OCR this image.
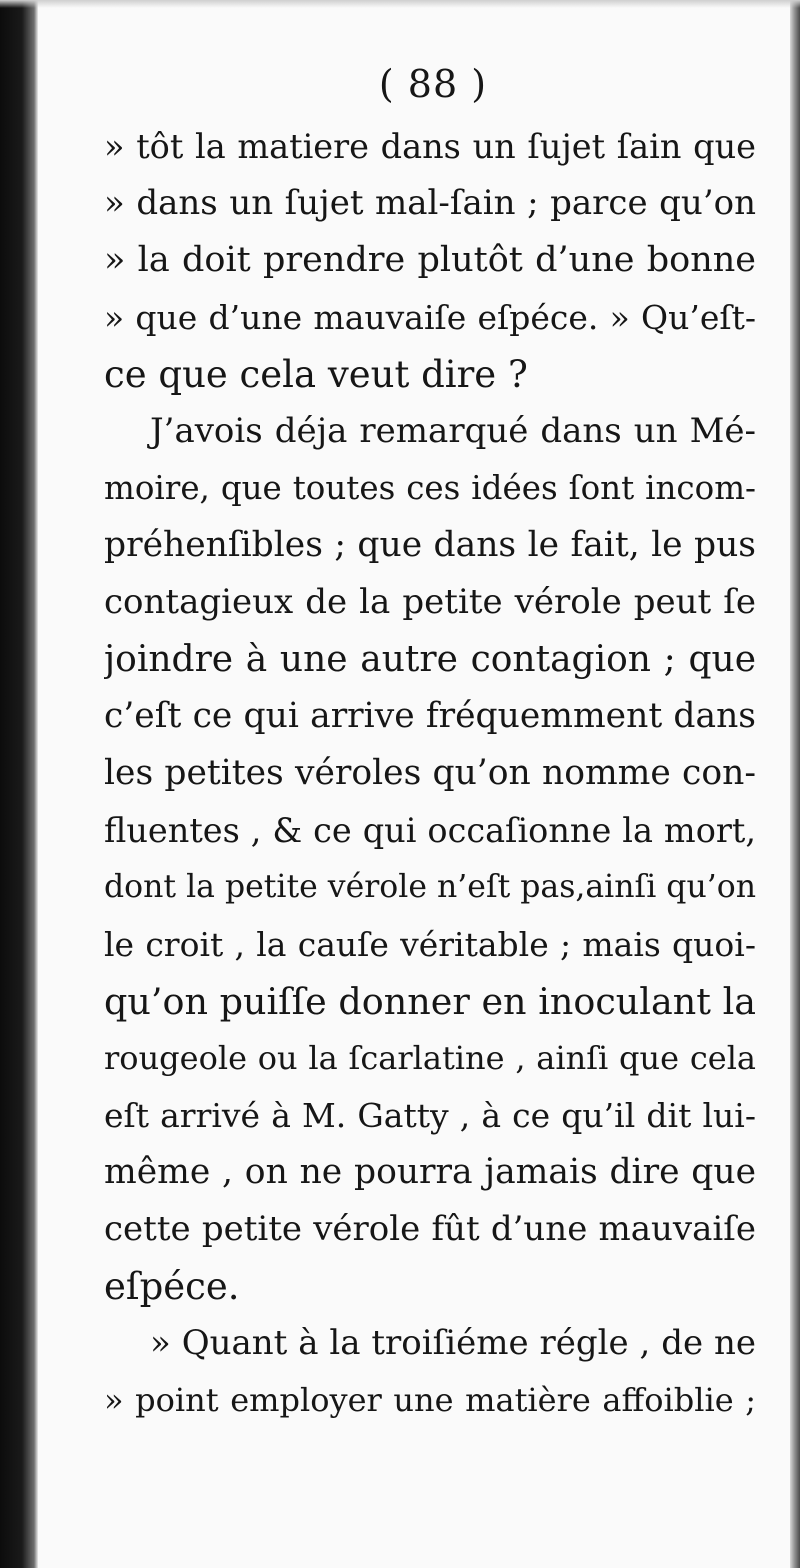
( 88 )
» tôt la matiere dans un ſujet ſain que
» dans un ſujet mal-ſain ; parce qu’on
» la doit prendre plutôt d’une bonne
» que d’une mauvaiſe eſpéce. » Qu’eſt-
ce que cela veut dire ?
J’avois déja remarqué dans un Mé-
moire, que toutes ces idées ſont incom-
préhenſibles ; que dans le fait, le pus
contagieux de la petite vérole peut ſe
joindre à une autre contagion ; que
c’eſt ce qui arrive fréquemment dans
les petites véroles qu’on nomme con-
fluentes , & ce qui occaſionne la mort,
dont la petite vérole n’eſt pas,ainſi qu’on
le croit , la cauſe véritable ; mais quoi-
qu’on puiſſe donner en inoculant la
rougeole ou la ſcarlatine , ainſi que cela
eſt arrivé à M. Gatty , à ce qu’il dit lui-
même , on ne pourra jamais dire que
cette petite vérole fût d’une mauvaiſe
eſpéce.
» Quant à la troiſiéme régle , de ne
» point employer une matière affoiblie ;
